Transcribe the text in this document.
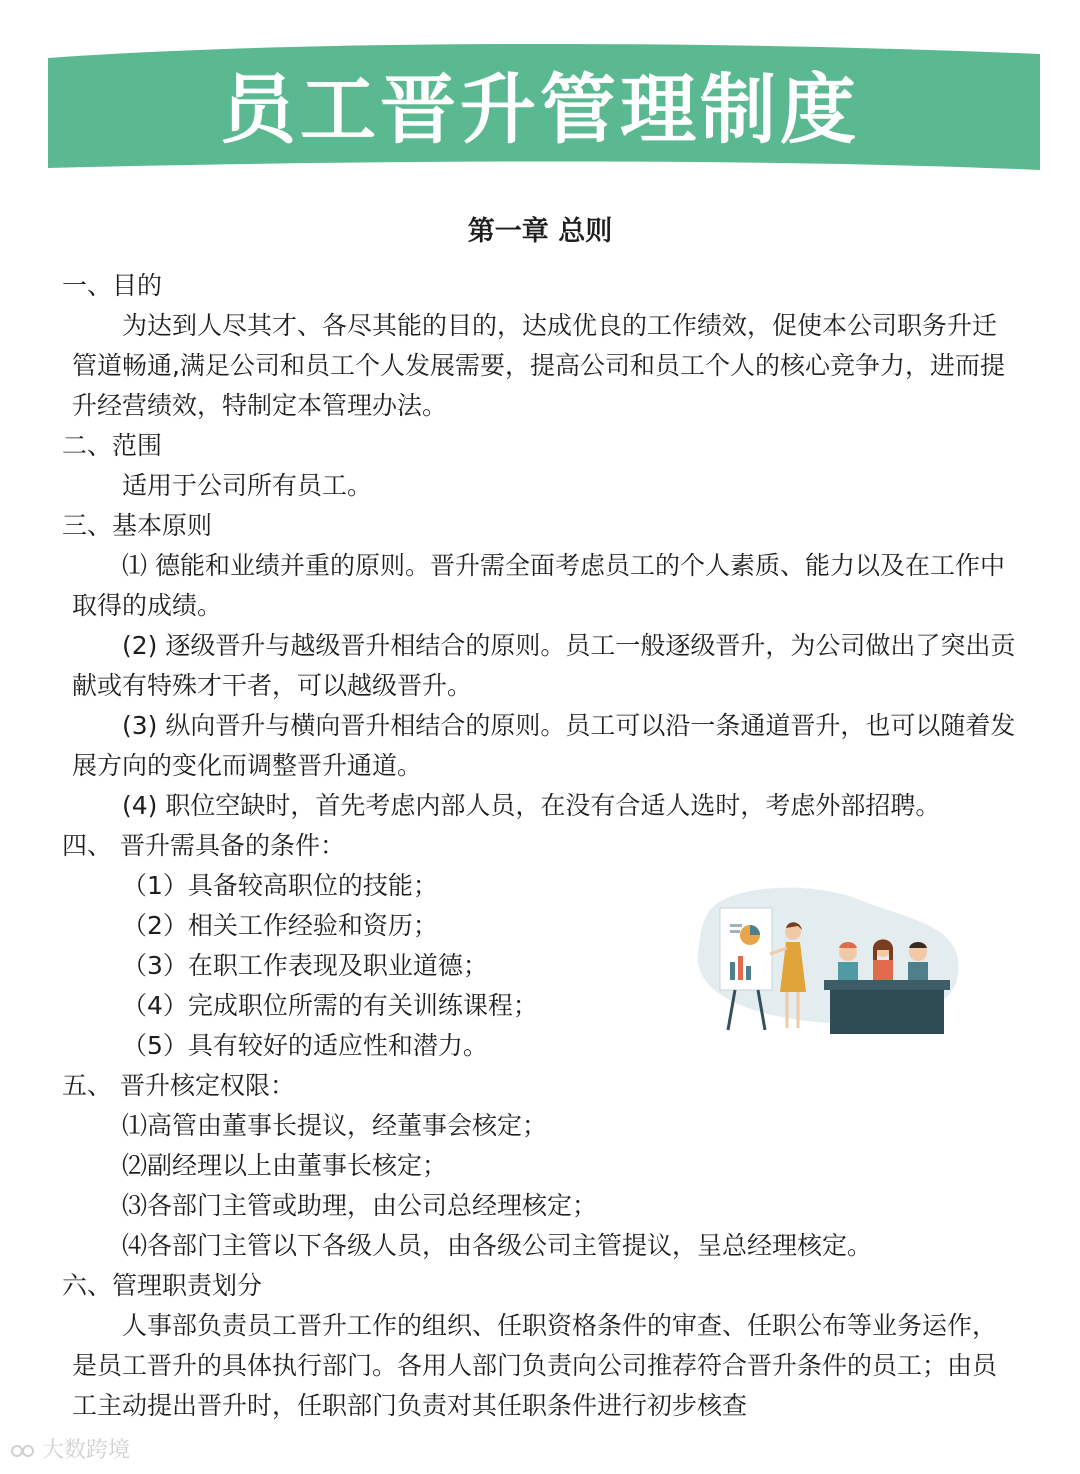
员工晋升管理制度
第一章 总则
一、目的
为达到人尽其才、各尽其能的目的，达成优良的工作绩效，促使本公司职务升迁
管道畅通,满足公司和员工个人发展需要，提高公司和员工个人的核心竞争力，进而提
升经营绩效，特制定本管理办法。
二、范围
适用于公司所有员工。
三、基本原则
⑴ 德能和业绩并重的原则。晋升需全面考虑员工的个人素质、能力以及在工作中
取得的成绩。
(2) 逐级晋升与越级晋升相结合的原则。员工一般逐级晋升，为公司做出了突出贡
献或有特殊才干者，可以越级晋升。
(3) 纵向晋升与横向晋升相结合的原则。员工可以沿一条通道晋升，也可以随着发
展方向的变化而调整晋升通道。
(4) 职位空缺时，首先考虑内部人员，在没有合适人选时，考虑外部招聘。
四、 晋升需具备的条件：
（1）具备较高职位的技能；
（2）相关工作经验和资历；
（3）在职工作表现及职业道德；
（4）完成职位所需的有关训练课程；
（5）具有较好的适应性和潜力。
五、 晋升核定权限：
⑴高管由董事长提议，经董事会核定；
⑵副经理以上由董事长核定；
⑶各部门主管或助理，由公司总经理核定；
⑷各部门主管以下各级人员，由各级公司主管提议，呈总经理核定。
六、管理职责划分
人事部负责员工晋升工作的组织、任职资格条件的审查、任职公布等业务运作，
是员工晋升的具体执行部门。各用人部门负责向公司推荐符合晋升条件的员工；由员
工主动提出晋升时，任职部门负责对其任职条件进行初步核查
大数跨境
